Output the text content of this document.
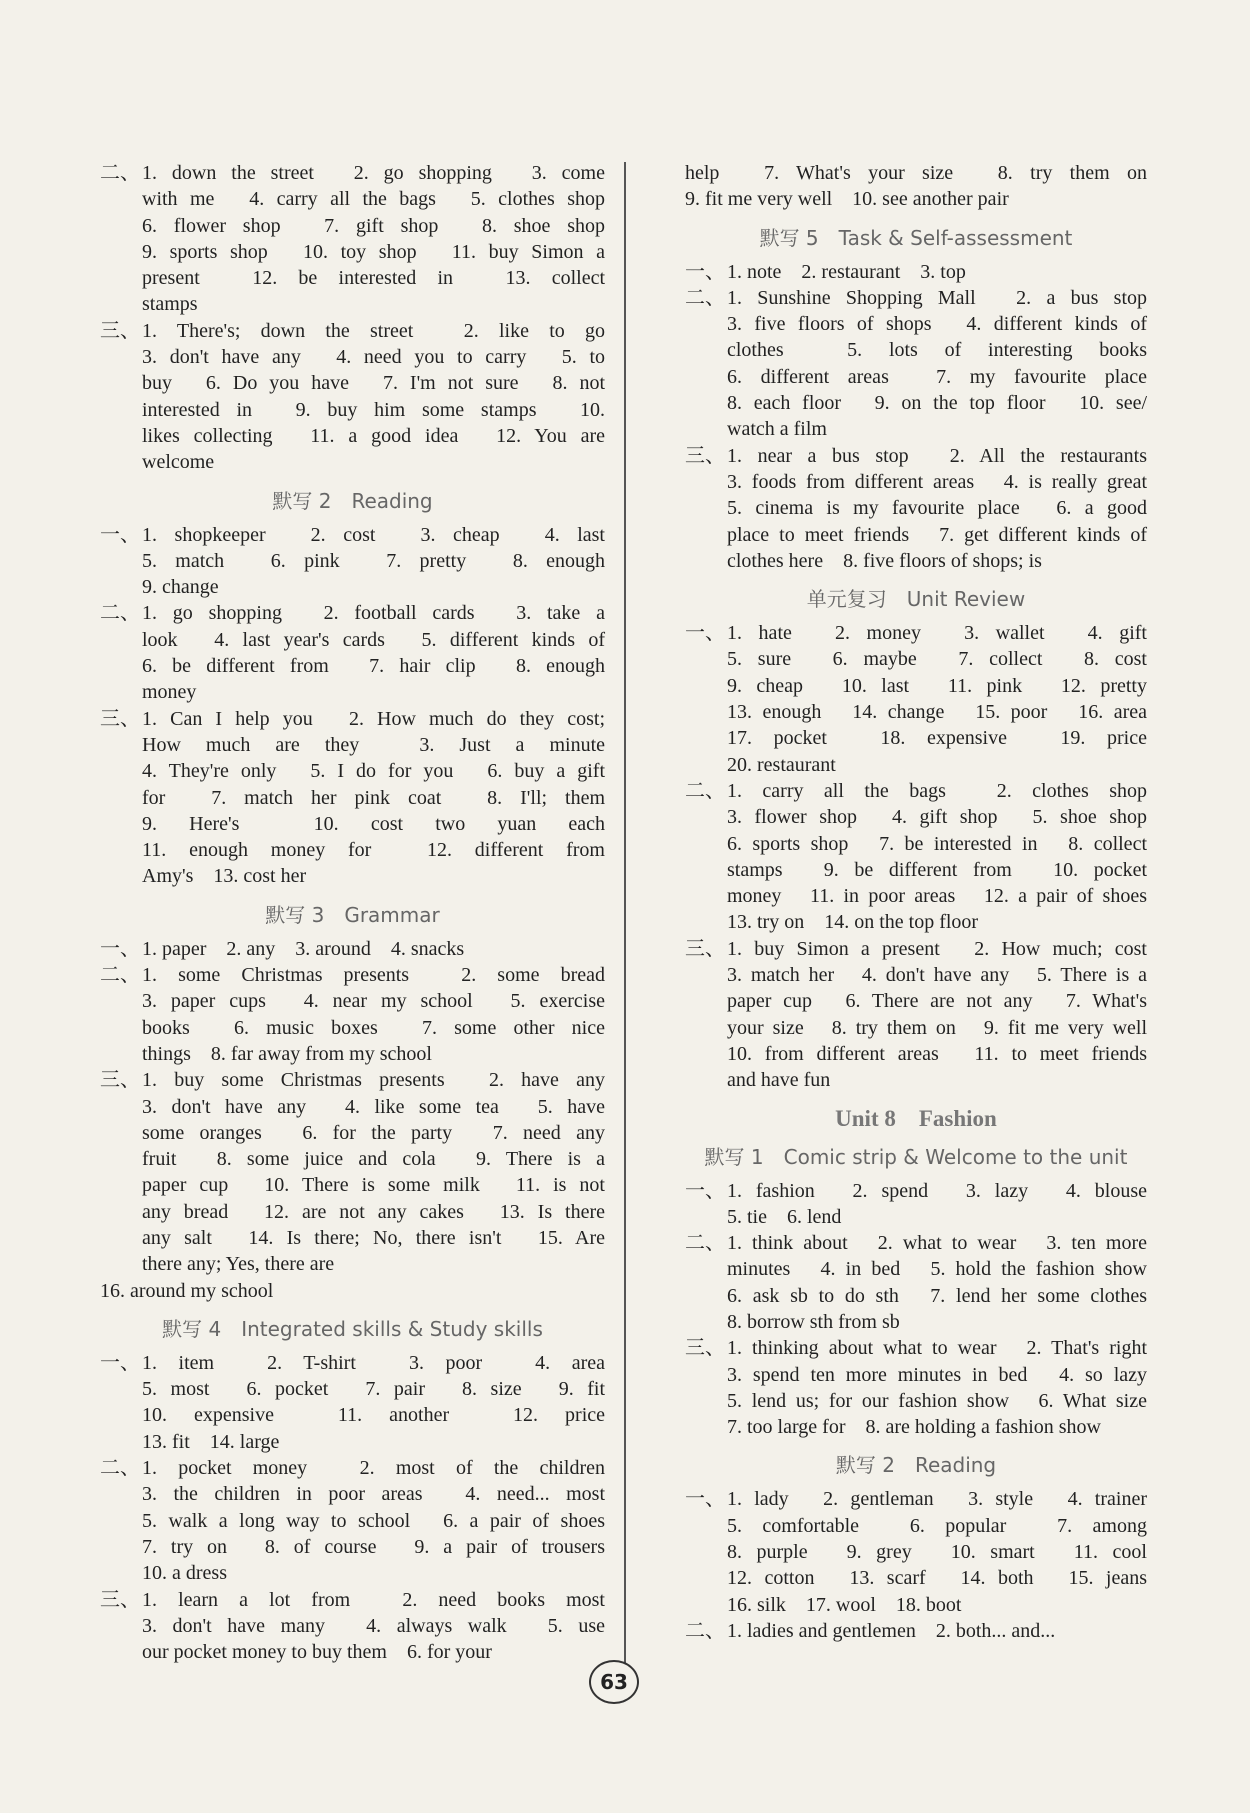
二、 1. down the street　2. go shopping　3. come

with me　4. carry all the bags　5. clothes shop

6. flower shop　7. gift shop　8. shoe shop

9. sports shop　10. toy shop　11. buy Simon a

present　12. be interested in　13. collect

stamps

三、 1. There's; down the street　2. like to go

3. don't have any　4. need you to carry　5. to

buy　6. Do you have　7. I'm not sure　8. not

interested in　9. buy him some stamps　10.

likes collecting　11. a good idea　12. You are

welcome

默写 2　Reading
一、 1. shopkeeper　2. cost　3. cheap　4. last

5. match　6. pink　7. pretty　8. enough

9. change

二、 1. go shopping　2. football cards　3. take a

look　4. last year's cards　5. different kinds of

6. be different from　7. hair clip　8. enough

money

三、 1. Can I help you　2. How much do they cost;

How much are they　3. Just a minute

4. They're only　5. I do for you　6. buy a gift

for　7. match her pink coat　8. I'll; them

9. Here's　10. cost two yuan each

11. enough money for　12. different from

Amy's　13. cost her

默写 3　Grammar
一、 1. paper　2. any　3. around　4. snacks

二、 1. some Christmas presents　2. some bread

3. paper cups　4. near my school　5. exercise

books　6. music boxes　7. some other nice

things　8. far away from my school

三、 1. buy some Christmas presents　2. have any

3. don't have any　4. like some tea　5. have

some oranges　6. for the party　7. need any

fruit　8. some juice and cola　9. There is a

paper cup　10. There is some milk　11. is not

any bread　12. are not any cakes　13. Is there

any salt　14. Is there; No, there isn't　15. Are

there any; Yes, there are

16. around my school

默写 4　Integrated skills & Study skills
一、 1. item　2. T-shirt　3. poor　4. area

5. most　6. pocket　7. pair　8. size　9. fit

10. expensive　11. another　12. price

13. fit　14. large

二、 1. pocket money　2. most of the children

3. the children in poor areas　4. need... most

5. walk a long way to school　6. a pair of shoes

7. try on　8. of course　9. a pair of trousers

10. a dress

三、 1. learn a lot from　2. need books most

3. don't have many　4. always walk　5. use

our pocket money to buy them　6. for your

help　7. What's your size　8. try them on

9. fit me very well　10. see another pair

默写 5　Task & Self-assessment
一、 1. note　2. restaurant　3. top

二、 1. Sunshine Shopping Mall　2. a bus stop

3. five floors of shops　4. different kinds of

clothes　5. lots of interesting books

6. different areas　7. my favourite place

8. each floor　9. on the top floor　10. see/

watch a film

三、 1. near a bus stop　2. All the restaurants

3. foods from different areas　4. is really great

5. cinema is my favourite place　6. a good

place to meet friends　7. get different kinds of

clothes here　8. five floors of shops; is

单元复习　Unit Review
一、 1. hate　2. money　3. wallet　4. gift

5. sure　6. maybe　7. collect　8. cost

9. cheap　10. last　11. pink　12. pretty

13. enough　14. change　15. poor　16. area

17. pocket　18. expensive　19. price

20. restaurant

二、 1. carry all the bags　2. clothes shop

3. flower shop　4. gift shop　5. shoe shop

6. sports shop　7. be interested in　8. collect

stamps　9. be different from　10. pocket

money　11. in poor areas　12. a pair of shoes

13. try on　14. on the top floor

三、 1. buy Simon a present　2. How much; cost

3. match her　4. don't have any　5. There is a

paper cup　6. There are not any　7. What's

your size　8. try them on　9. fit me very well

10. from different areas　11. to meet friends

and have fun

Unit 8　Fashion
默写 1　Comic strip & Welcome to the unit
一、 1. fashion　2. spend　3. lazy　4. blouse

5. tie　6. lend

二、 1. think about　2. what to wear　3. ten more

minutes　4. in bed　5. hold the fashion show

6. ask sb to do sth　7. lend her some clothes

8. borrow sth from sb

三、 1. thinking about what to wear　2. That's right

3. spend ten more minutes in bed　4. so lazy

5. lend us; for our fashion show　6. What size

7. too large for　8. are holding a fashion show

默写 2　Reading
一、 1. lady　2. gentleman　3. style　4. trainer

5. comfortable　6. popular　7. among

8. purple　9. grey　10. smart　11. cool

12. cotton　13. scarf　14. both　15. jeans

16. silk　17. wool　18. boot

二、 1. ladies and gentlemen　2. both... and...

63
